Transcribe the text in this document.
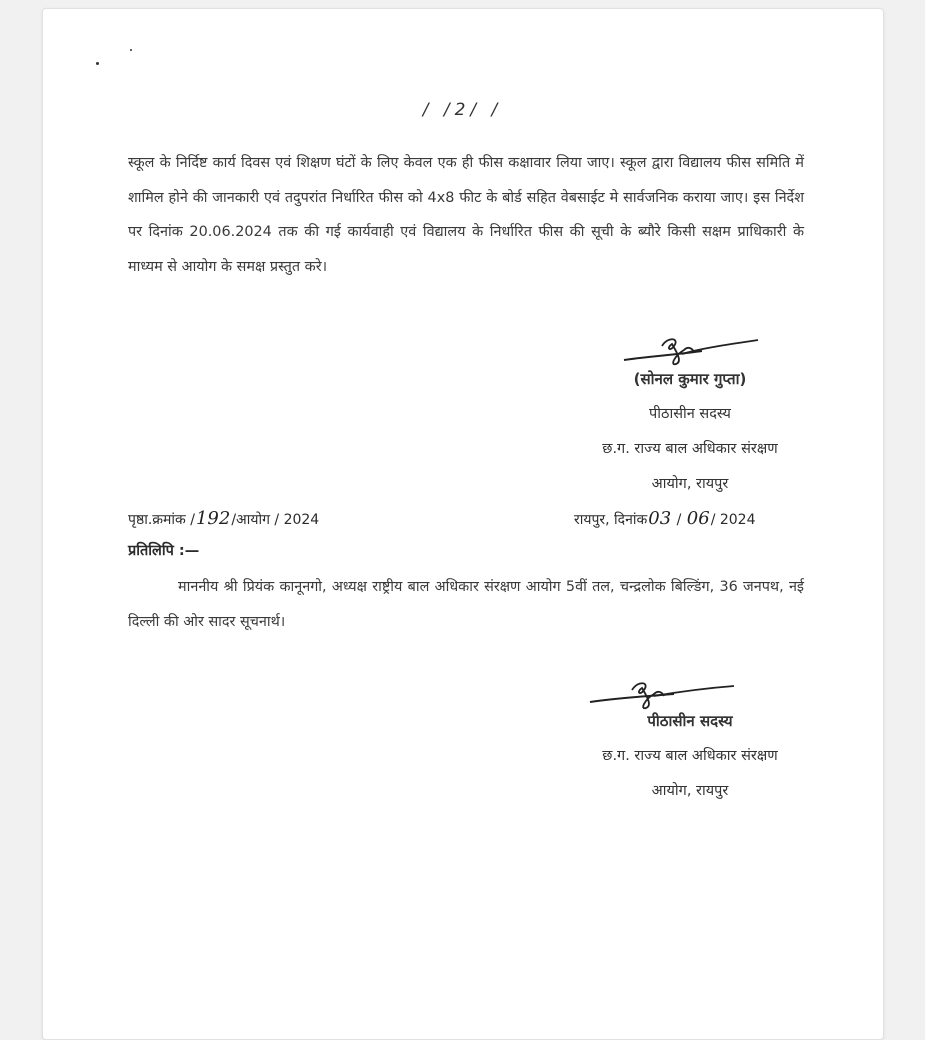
/ /2/ /

स्कूल के निर्दिष्ट कार्य दिवस एवं शिक्षण घंटों के लिए केवल एक ही फीस कक्षावार लिया जाए। स्कूल द्वारा विद्यालय फीस समिति में शामिल होने की जानकारी एवं तदुपरांत निर्धारित फीस को 4x8 फीट के बोर्ड सहित वेबसाईट मे सार्वजनिक कराया जाए। इस निर्देश पर दिनांक 20.06.2024 तक की गई कार्यवाही एवं विद्यालय के निर्धारित फीस की सूची के ब्यौरे किसी सक्षम प्राधिकारी के माध्यम से आयोग के समक्ष प्रस्तुत करे।

(सोनल कुमार गुप्ता)
पीठासीन सदस्य
छ.ग. राज्य बाल अधिकार संरक्षण
आयोग, रायपुर
पृष्ठा.क्रमांक /192/आयोग / 2024	रायपुर, दिनांक03 / 06/ 2024
प्रतिलिपि :—

माननीय श्री प्रियंक कानूनगो, अध्यक्ष राष्ट्रीय बाल अधिकार संरक्षण आयोग 5वीं तल, चन्द्रलोक बिल्डिंग, 36 जनपथ, नई दिल्ली की ओर सादर सूचनार्थ।

पीठासीन सदस्य
छ.ग. राज्य बाल अधिकार संरक्षण
आयोग, रायपुर
